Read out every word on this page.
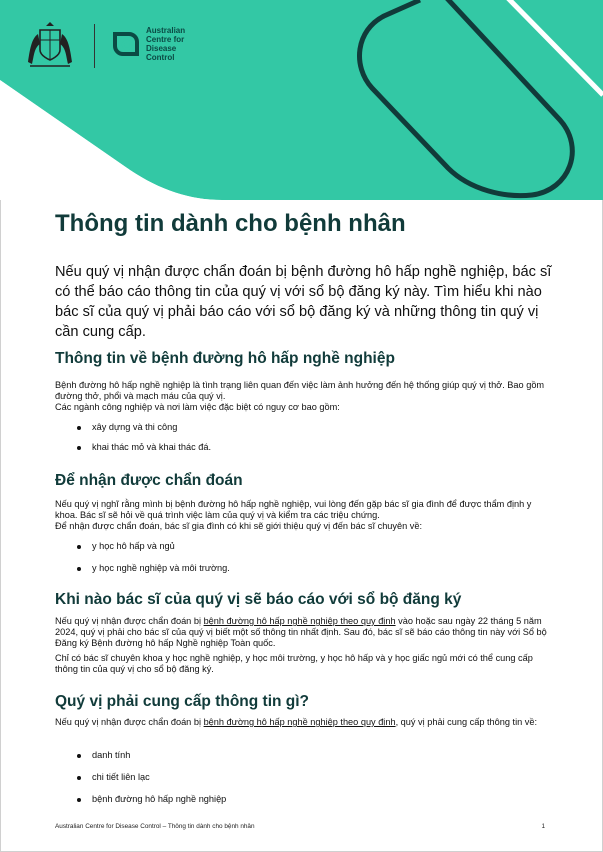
Australian
Centre for
Disease
Control
Thông tin dành cho bệnh nhân

Nếu quý vị nhận được chẩn đoán bị bệnh đường hô hấp nghề nghiệp, bác sĩ có thể báo cáo thông tin của quý vị với sổ bộ đăng ký này. Tìm hiểu khi nào bác sĩ của quý vị phải báo cáo với sổ bộ đăng ký và những thông tin quý vị cần cung cấp.

Thông tin về bệnh đường hô hấp nghề nghiệp

Bệnh đường hô hấp nghề nghiệp là tình trạng liên quan đến việc làm ảnh hưởng đến hệ thống giúp quý vị thở. Bao gồm đường thở, phổi và mạch máu của quý vị.

Các ngành công nghiệp và nơi làm việc đặc biệt có nguy cơ bao gồm:

xây dựng và thi công
khai thác mỏ và khai thác đá.
Để nhận được chẩn đoán

Nếu quý vị nghĩ rằng mình bị bệnh đường hô hấp nghề nghiệp, vui lòng đến gặp bác sĩ gia đình để được thẩm định y khoa. Bác sĩ sẽ hỏi về quá trình việc làm của quý vị và kiểm tra các triệu chứng.

Để nhận được chẩn đoán, bác sĩ gia đình có khi sẽ giới thiệu quý vị đến bác sĩ chuyên về:

y học hô hấp và ngủ
y học nghề nghiệp và môi trường.
Khi nào bác sĩ của quý vị sẽ báo cáo với sổ bộ đăng ký

Nếu quý vị nhận được chẩn đoán bị bệnh đường hô hấp nghề nghiệp theo quy định vào hoặc sau ngày 22 tháng 5 năm 2024, quý vị phải cho bác sĩ của quý vị biết một số thông tin nhất định. Sau đó, bác sĩ sẽ báo cáo thông tin này với Sổ bộ Đăng ký Bệnh đường hô hấp Nghề nghiệp Toàn quốc.

Chỉ có bác sĩ chuyên khoa y học nghề nghiệp, y học môi trường, y học hô hấp và y học giấc ngủ mới có thể cung cấp thông tin của quý vị cho sổ bộ đăng ký.

Quý vị phải cung cấp thông tin gì?

Nếu quý vị nhận được chẩn đoán bị bệnh đường hô hấp nghề nghiệp theo quy định, quý vị phải cung cấp thông tin về:

danh tính
chi tiết liên lạc
bệnh đường hô hấp nghề nghiệp
Australian Centre for Disease Control – Thông tin dành cho bệnh nhân	1
